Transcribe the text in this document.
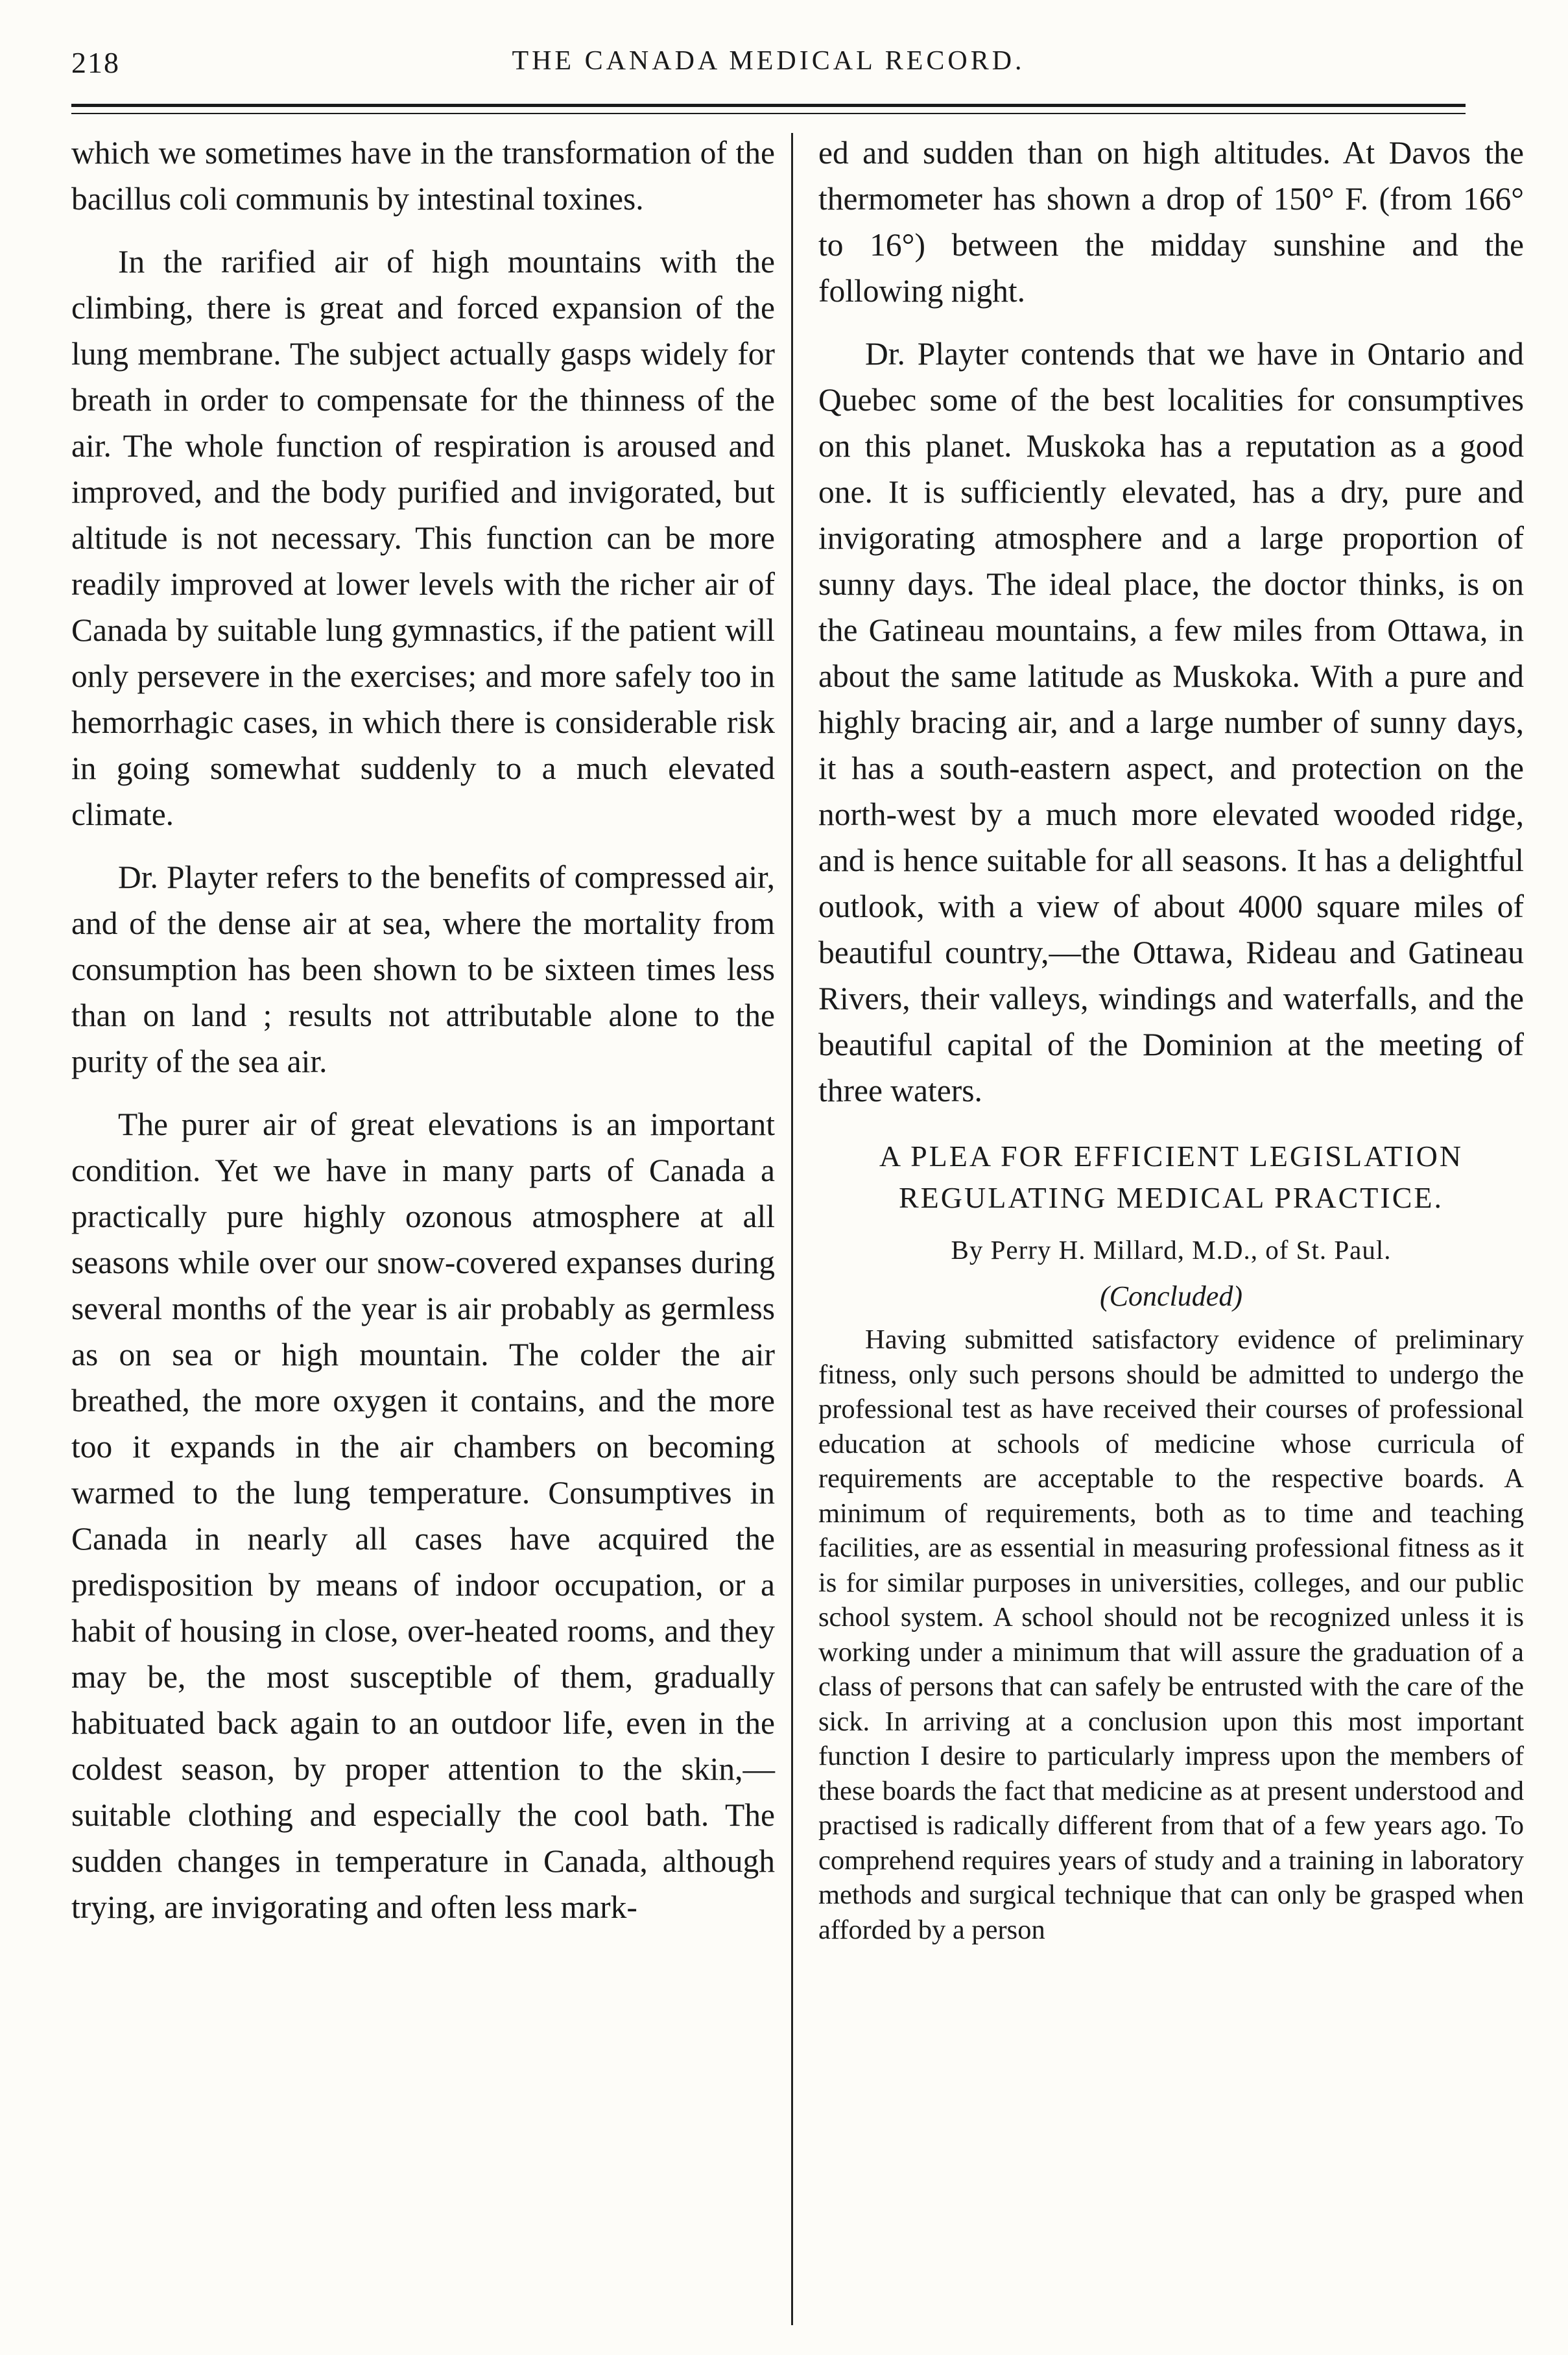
218	THE CANADA MEDICAL RECORD.

which we sometimes have in the transformation of the bacillus coli communis by intestinal toxines.

In the rarified air of high mountains with the climbing, there is great and forced expansion of the lung membrane. The subject actually gasps widely for breath in order to compensate for the thinness of the air. The whole function of respiration is aroused and improved, and the body purified and invigorated, but altitude is not necessary. This function can be more readily improved at lower levels with the richer air of Canada by suitable lung gymnastics, if the patient will only persevere in the exercises; and more safely too in hemorrhagic cases, in which there is considerable risk in going somewhat suddenly to a much elevated climate.

Dr. Playter refers to the benefits of compressed air, and of the dense air at sea, where the mortality from consumption has been shown to be sixteen times less than on land ; results not attributable alone to the purity of the sea air.

The purer air of great elevations is an important condition. Yet we have in many parts of Canada a practically pure highly ozonous atmosphere at all seasons while over our snow-covered expanses during several months of the year is air probably as germless as on sea or high mountain. The colder the air breathed, the more oxygen it contains, and the more too it expands in the air chambers on becoming warmed to the lung temperature. Consumptives in Canada in nearly all cases have acquired the predisposition by means of indoor occupation, or a habit of housing in close, over-heated rooms, and they may be, the most susceptible of them, gradually habituated back again to an outdoor life, even in the coldest season, by proper attention to the skin,—suitable clothing and especially the cool bath. The sudden changes in temperature in Canada, although trying, are invigorating and often less mark-

ed and sudden than on high altitudes. At Davos the thermometer has shown a drop of 150° F. (from 166° to 16°) between the midday sunshine and the following night.

Dr. Playter contends that we have in Ontario and Quebec some of the best localities for consumptives on this planet. Muskoka has a reputation as a good one. It is sufficiently elevated, has a dry, pure and invigorating atmosphere and a large proportion of sunny days. The ideal place, the doctor thinks, is on the Gatineau mountains, a few miles from Ottawa, in about the same latitude as Muskoka. With a pure and highly bracing air, and a large number of sunny days, it has a south-eastern aspect, and protection on the north-west by a much more elevated wooded ridge, and is hence suitable for all seasons. It has a delightful outlook, with a view of about 4000 square miles of beautiful country,—the Ottawa, Rideau and Gatineau Rivers, their valleys, windings and waterfalls, and the beautiful capital of the Dominion at the meeting of three waters.

A PLEA FOR EFFICIENT LEGISLATION
REGULATING MEDICAL PRACTICE.
By Perry H. Millard, M.D., of St. Paul.
(Concluded)

Having submitted satisfactory evidence of preliminary fitness, only such persons should be admitted to undergo the professional test as have received their courses of professional education at schools of medicine whose curricula of requirements are acceptable to the respective boards. A minimum of requirements, both as to time and teaching facilities, are as essential in measuring professional fitness as it is for similar purposes in universities, colleges, and our public school system. A school should not be recognized unless it is working under a minimum that will assure the graduation of a class of persons that can safely be entrusted with the care of the sick. In arriving at a conclusion upon this most important function I desire to particularly impress upon the members of these boards the fact that medicine as at present understood and practised is radically different from that of a few years ago. To comprehend requires years of study and a training in laboratory methods and surgical technique that can only be grasped when afforded by a person
